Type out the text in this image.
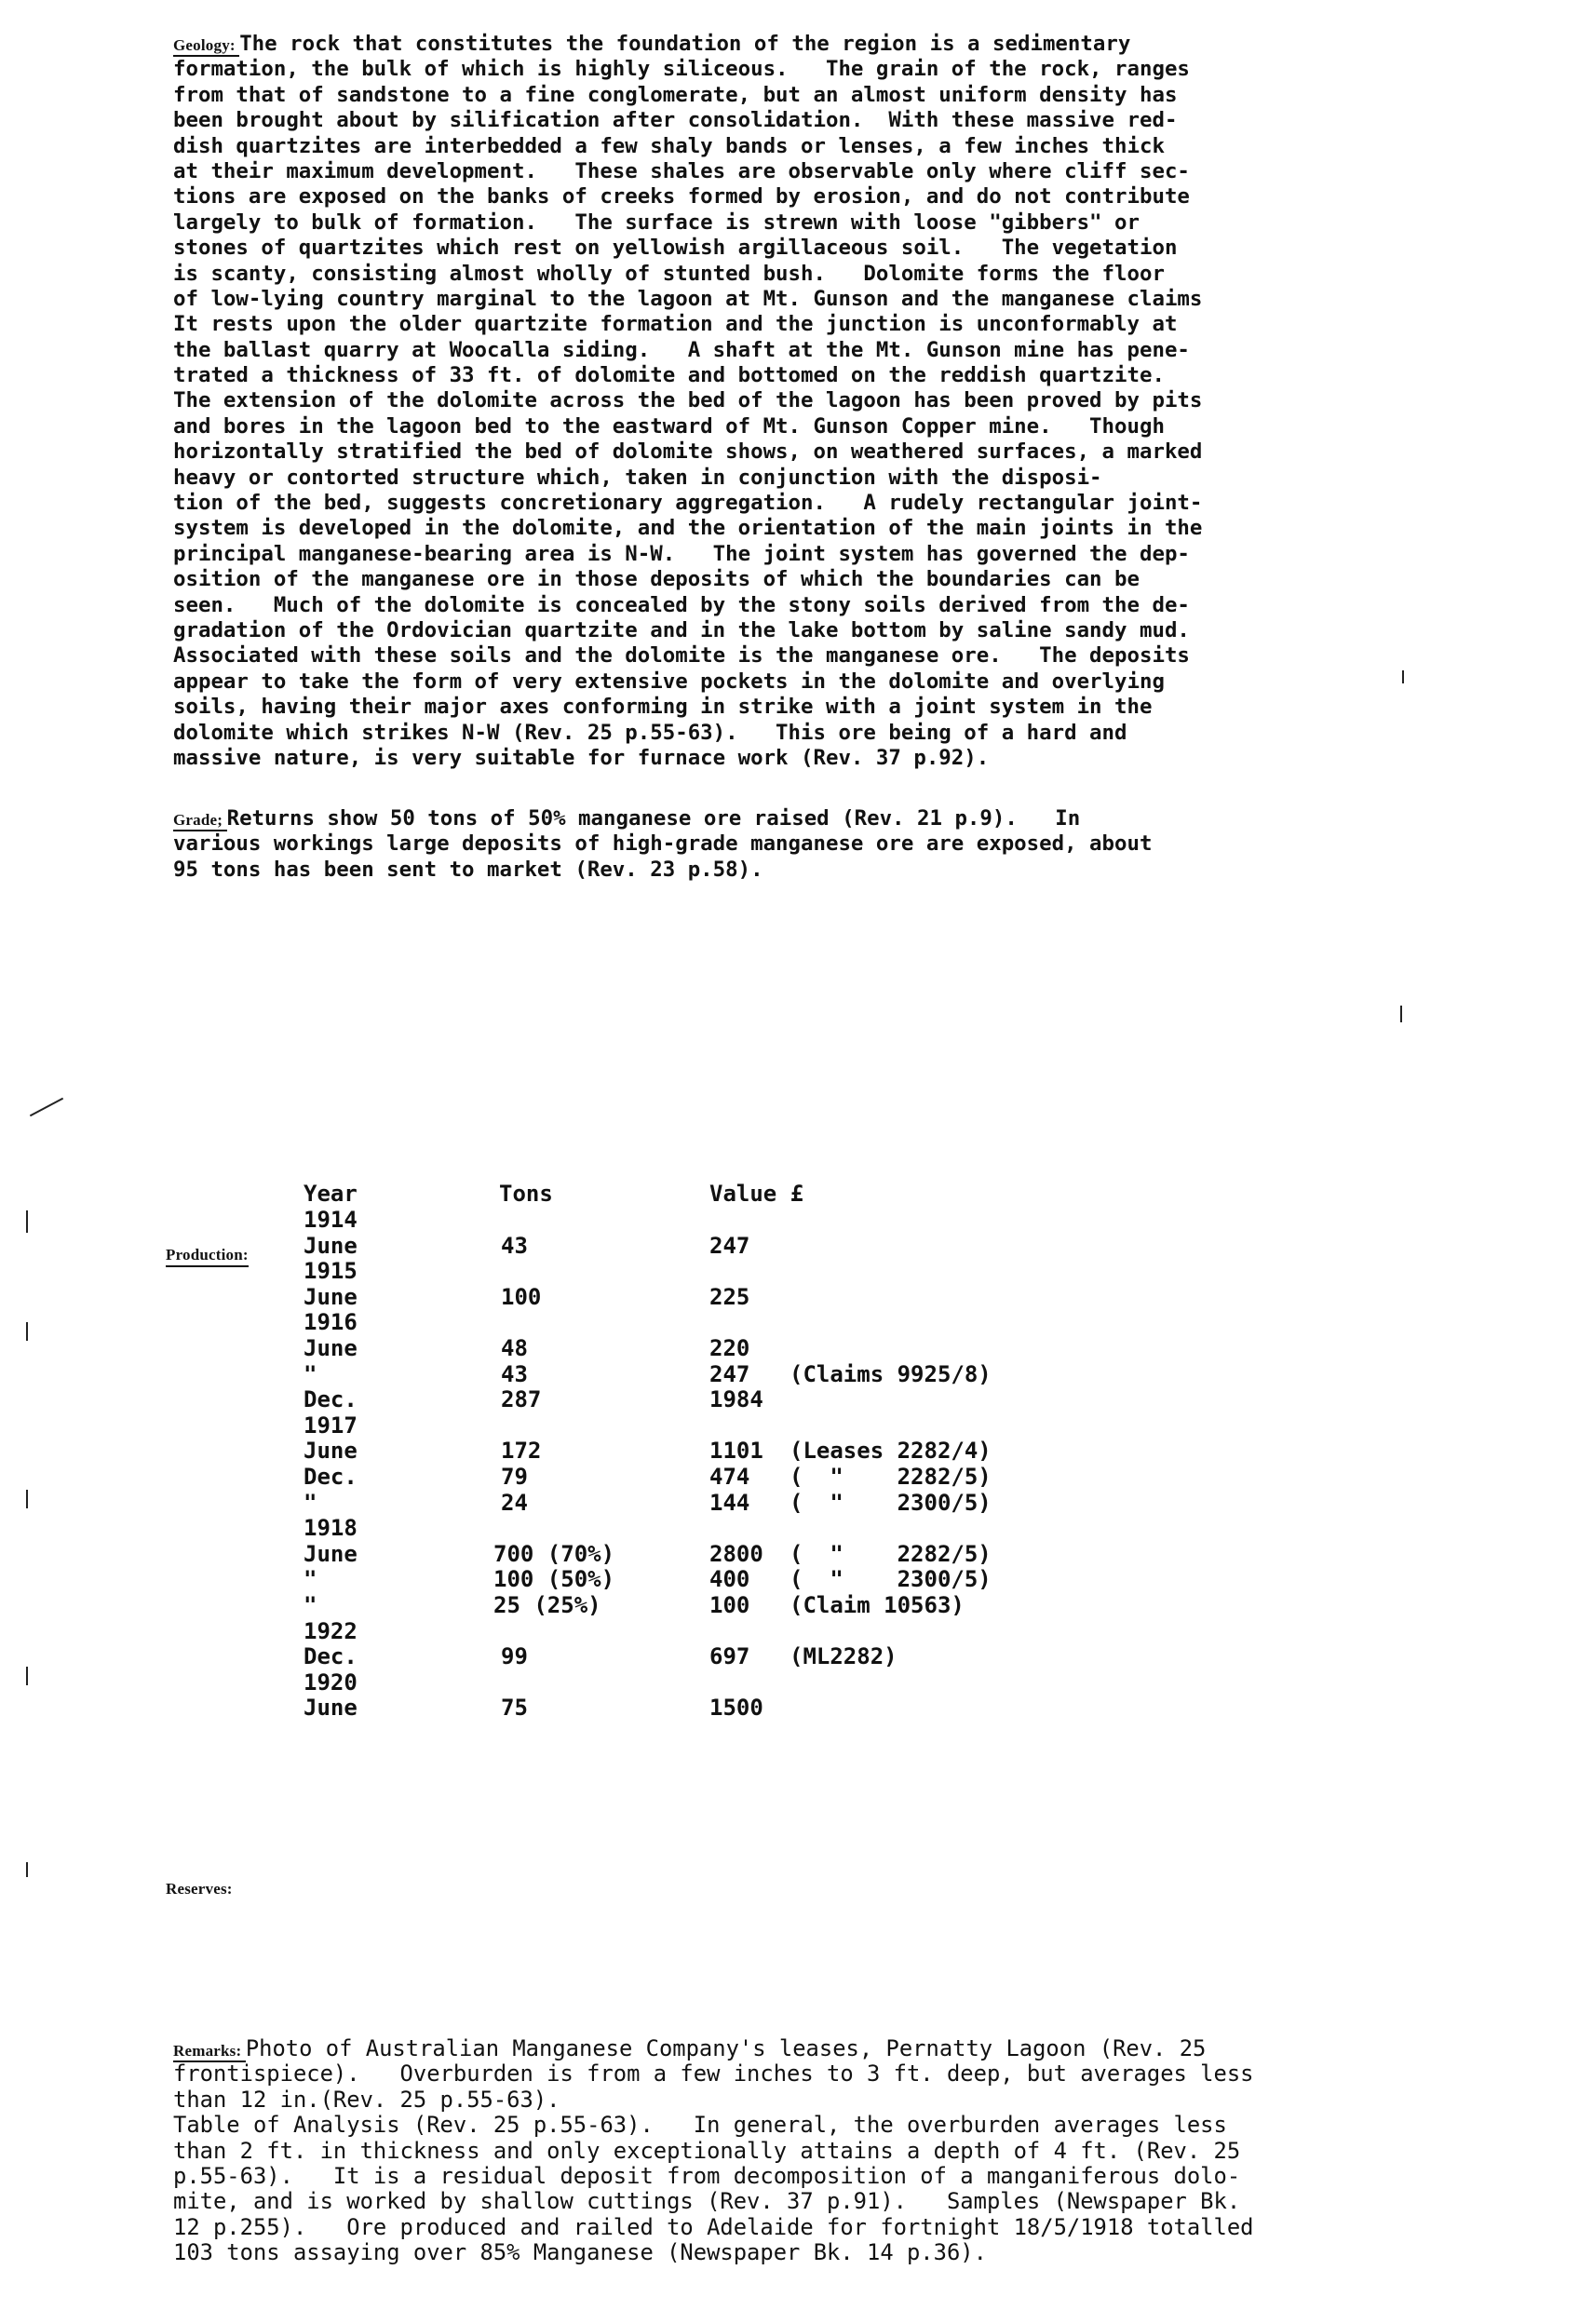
Geology: The rock that constitutes the foundation of the region is a sedimentary
formation, the bulk of which is highly siliceous.   The grain of the rock, ranges
from that of sandstone to a fine conglomerate, but an almost uniform density has
been brought about by silification after consolidation.  With these massive red-
dish quartzites are interbedded a few shaly bands or lenses, a few inches thick
at their maximum development.   These shales are observable only where cliff sec-
tions are exposed on the banks of creeks formed by erosion, and do not contribute
largely to bulk of formation.   The surface is strewn with loose "gibbers" or
stones of quartzites which rest on yellowish argillaceous soil.   The vegetation
is scanty, consisting almost wholly of stunted bush.   Dolomite forms the floor
of low-lying country marginal to the lagoon at Mt. Gunson and the manganese claims
It rests upon the older quartzite formation and the junction is unconformably at
the ballast quarry at Woocalla siding.   A shaft at the Mt. Gunson mine has pene-
trated a thickness of 33 ft. of dolomite and bottomed on the reddish quartzite.
The extension of the dolomite across the bed of the lagoon has been proved by pits
and bores in the lagoon bed to the eastward of Mt. Gunson Copper mine.   Though
horizontally stratified the bed of dolomite shows, on weathered surfaces, a marked
heavy or contorted structure which, taken in conjunction with the disposi-
tion of the bed, suggests concretionary aggregation.   A rudely rectangular joint-
system is developed in the dolomite, and the orientation of the main joints in the
principal manganese-bearing area is N-W.   The joint system has governed the dep-
osition of the manganese ore in those deposits of which the boundaries can be
seen.   Much of the dolomite is concealed by the stony soils derived from the de-
gradation of the Ordovician quartzite and in the lake bottom by saline sandy mud.
Associated with these soils and the dolomite is the manganese ore.   The deposits
appear to take the form of very extensive pockets in the dolomite and overlying
soils, having their major axes conforming in strike with a joint system in the
dolomite which strikes N-W (Rev. 25 p.55-63).   This ore being of a hard and
massive nature, is very suitable for furnace work (Rev. 37 p.92).
Grade; Returns show 50 tons of 50% manganese ore raised (Rev. 21 p.9).   In
various workings large deposits of high-grade manganese ore are exposed, about
95 tons has been sent to market (Rev. 23 p.58).
Production:
Year	Tons	Value £
1914
June	43	247
1915
June	100	225
1916
June	48	220
"	43	247 (Claims 9925/8)
Dec.	287	1984
1917
June	172	1101 (Leases 2282/4)
Dec.	79	474 (  "    2282/5)
"	24	144 (  "    2300/5)
1918
June	700 (70%)	2800 (  "    2282/5)
"	100 (50%)	400 (  "    2300/5)
"	25 (25%)	100 (Claim 10563)
1922
Dec.	99	697 (ML2282)
1920
June	75	1500
Reserves:
Remarks: Photo of Australian Manganese Company's leases, Pernatty Lagoon (Rev. 25
frontispiece).   Overburden is from a few inches to 3 ft. deep, but averages less
than 12 in.(Rev. 25 p.55-63).
Table of Analysis (Rev. 25 p.55-63).   In general, the overburden averages less
than 2 ft. in thickness and only exceptionally attains a depth of 4 ft. (Rev. 25
p.55-63).   It is a residual deposit from decomposition of a manganiferous dolo-
mite, and is worked by shallow cuttings (Rev. 37 p.91).   Samples (Newspaper Bk.
12 p.255).   Ore produced and railed to Adelaide for fortnight 18/5/1918 totalled
103 tons assaying over 85% Manganese (Newspaper Bk. 14 p.36).
